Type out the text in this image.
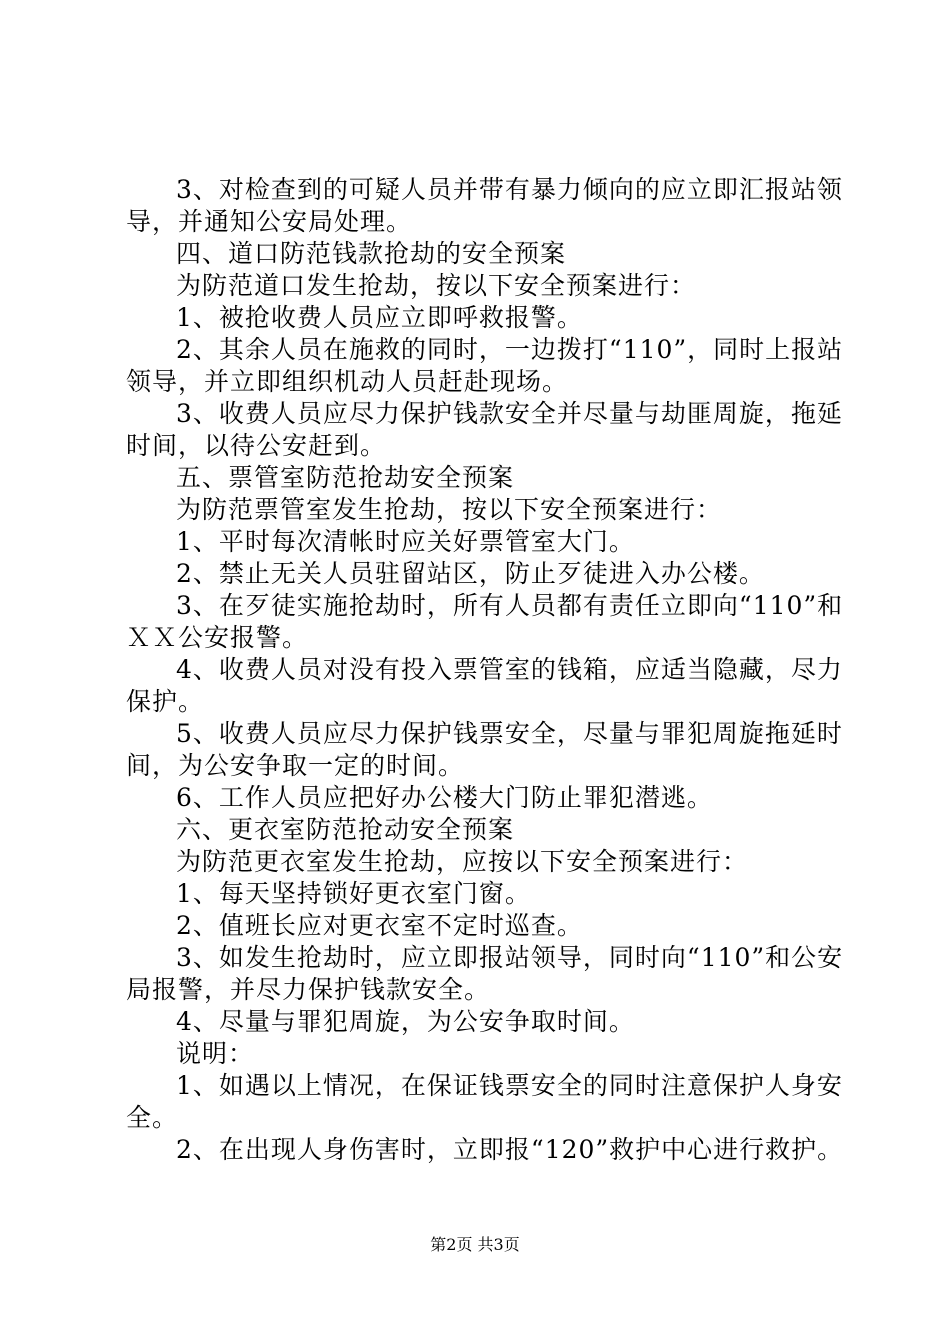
3、对检查到的可疑人员并带有暴力倾向的应立即汇报站领导，并通知公安局处理。

四、道口防范钱款抢劫的安全预案

为防范道口发生抢劫，按以下安全预案进行：

1、被抢收费人员应立即呼救报警。

2、其余人员在施救的同时，一边拨打“110”，同时上报站领导，并立即组织机动人员赶赴现场。

3、收费人员应尽力保护钱款安全并尽量与劫匪周旋，拖延时间，以待公安赶到。

五、票管室防范抢劫安全预案

为防范票管室发生抢劫，按以下安全预案进行：

1、平时每次清帐时应关好票管室大门。

2、禁止无关人员驻留站区，防止歹徒进入办公楼。

3、在歹徒实施抢劫时，所有人员都有责任立即向“110”和ＸＸ公安报警。

4、收费人员对没有投入票管室的钱箱，应适当隐藏，尽力保护。

5、收费人员应尽力保护钱票安全，尽量与罪犯周旋拖延时间，为公安争取一定的时间。

6、工作人员应把好办公楼大门防止罪犯潜逃。

六、更衣室防范抢动安全预案

为防范更衣室发生抢劫，应按以下安全预案进行：

1、每天坚持锁好更衣室门窗。

2、值班长应对更衣室不定时巡查。

3、如发生抢劫时，应立即报站领导，同时向“110”和公安局报警，并尽力保护钱款安全。

4、尽量与罪犯周旋，为公安争取时间。

说明：

1、如遇以上情况，在保证钱票安全的同时注意保护人身安全。

2、在出现人身伤害时，立即报“120”救护中心进行救护。

第2页 共3页
